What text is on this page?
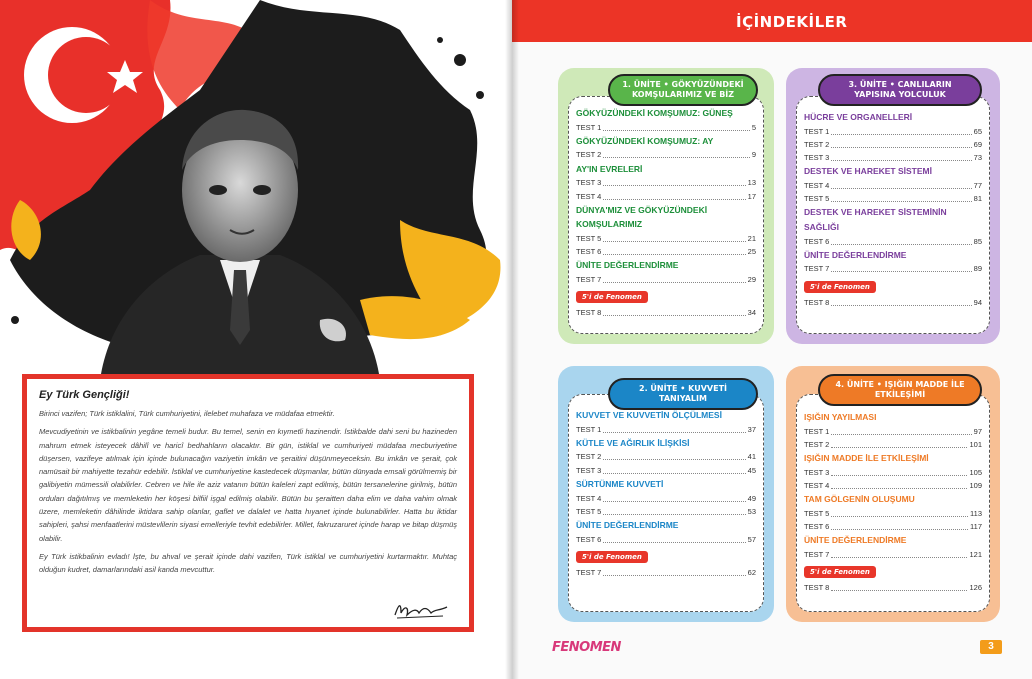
Ey Türk Gençliği!

Birinci vazifen; Türk istiklalini, Türk cumhuriyetini, ilelebet muhafaza ve müdafaa etmektir.

Mevcudiyetinin ve istikbalinin yegâne temeli budur. Bu temel, senin en kıymetli hazinendir. İstikbalde dahi seni bu hazineden mahrum etmek isteyecek dâhilî ve haricî bedhahların olacaktır. Bir gün, istiklal ve cumhuriyeti müdafaa mecburiyetine düşersen, vazifeye atılmak için içinde bulunacağın vaziyetin imkân ve şeraitini düşünmeyeceksin. Bu imkân ve şerait, çok namüsait bir mahiyette tezahür edebilir. İstiklal ve cumhuriyetine kastedecek düşmanlar, bütün dünyada emsali görülmemiş bir galibiyetin mümessili olabilirler. Cebren ve hile ile aziz vatanın bütün kaleleri zapt edilmiş, bütün tersanelerine girilmiş, bütün orduları dağıtılmış ve memleketin her köşesi bilfiil işgal edilmiş olabilir. Bütün bu şeraitten daha elim ve daha vahim olmak üzere, memleketin dâhilinde iktidara sahip olanlar, gaflet ve dalalet ve hatta hıyanet içinde bulunabilirler. Hatta bu iktidar sahipleri, şahsi menfaatlerini müstevlilerin siyasi emelleriyle tevhit edebilirler. Millet, fakruzaruret içinde harap ve bitap düşmüş olabilir.

Ey Türk istikbalinin evladı! İşte, bu ahval ve şerait içinde dahi vazifen, Türk istiklal ve cumhuriyetini kurtarmaktır. Muhtaç olduğun kudret, damarlarındaki asil kanda mevcuttur.

İÇİNDEKİLER
1. ÜNİTE • GÖKYÜZÜNDEKİ KOMŞULARIMIZ VE BİZ
GÖKYÜZÜNDEKİ KOMŞUMUZ: GÜNEŞ
TEST 1	5
GÖKYÜZÜNDEKİ KOMŞUMUZ: AY
TEST 2	9
AY'IN EVRELERİ
TEST 3	13
TEST 4	17
DÜNYA'MIZ VE GÖKYÜZÜNDEKİ KOMŞULARIMIZ
TEST 5	21
TEST 6	25
ÜNİTE DEĞERLENDİRME
TEST 7	29
5'i de Fenomen
TEST 8	34
3. ÜNİTE • CANLILARIN YAPISINA YOLCULUK
HÜCRE VE ORGANELLERİ
TEST 1	65
TEST 2	69
TEST 3	73
DESTEK VE HAREKET SİSTEMİ
TEST 4	77
TEST 5	81
DESTEK VE HAREKET SİSTEMİNİN SAĞLIĞI
TEST 6	85
ÜNİTE DEĞERLENDİRME
TEST 7	89
5'i de Fenomen
TEST 8	94
2. ÜNİTE • KUVVETİ TANIYALIM
KUVVET VE KUVVETİN ÖLÇÜLMESİ
TEST 1	37
KÜTLE VE AĞIRLIK İLİŞKİSİ
TEST 2	41
TEST 3	45
SÜRTÜNME KUVVETİ
TEST 4	49
TEST 5	53
ÜNİTE DEĞERLENDİRME
TEST 6	57
5'i de Fenomen
TEST 7	62
4. ÜNİTE • IŞIĞIN MADDE İLE ETKİLEŞİMİ
IŞIĞIN YAYILMASI
TEST 1	97
TEST 2	101
IŞIĞIN MADDE İLE ETKİLEŞİMİ
TEST 3	105
TEST 4	109
TAM GÖLGENİN OLUŞUMU
TEST 5	113
TEST 6	117
ÜNİTE DEĞERLENDİRME
TEST 7	121
5'i de Fenomen
TEST 8	126
FENOMEN	3
